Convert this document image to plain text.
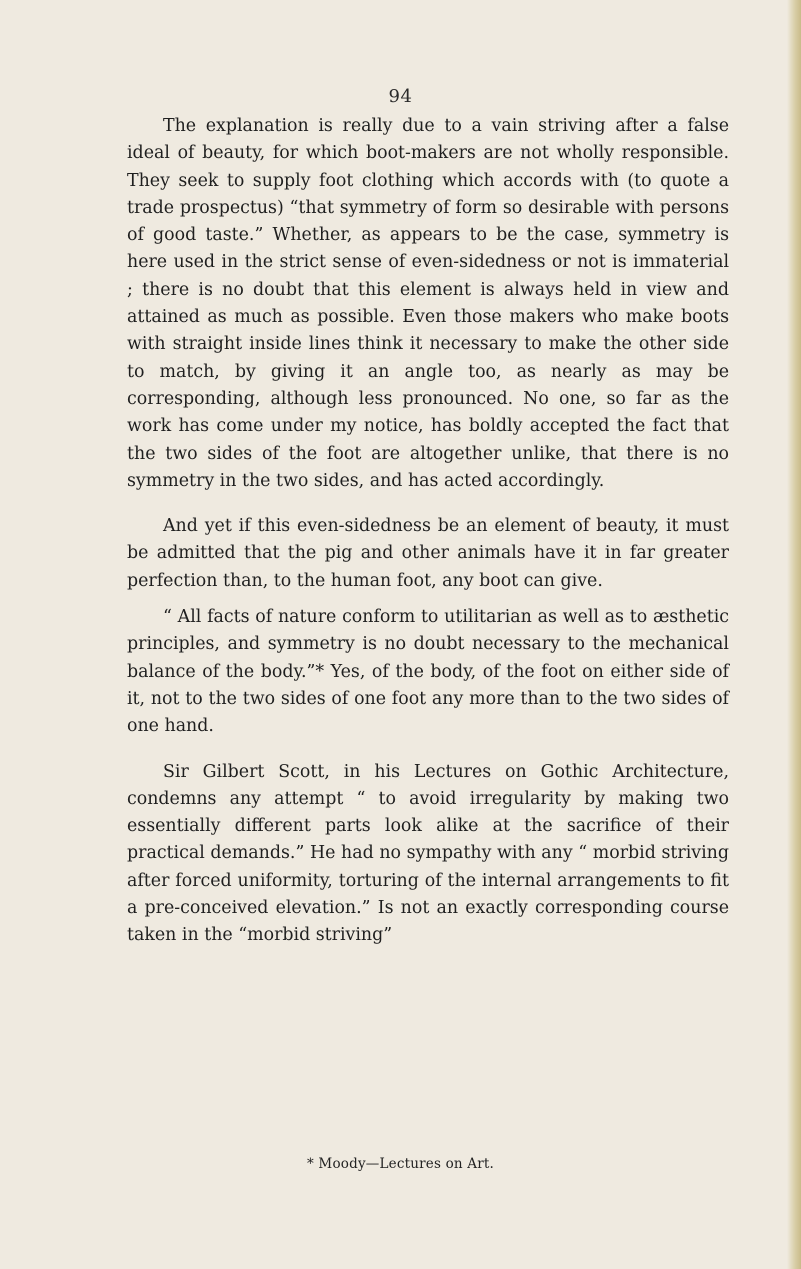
94

The explanation is really due to a vain striving after a false ideal of beauty, for which boot-makers are not wholly responsible. They seek to supply foot clothing which accords with (to quote a trade prospectus) “that symmetry of form so desirable with persons of good taste.” Whether, as appears to be the case, symmetry is here used in the strict sense of even-sidedness or not is immaterial ; there is no doubt that this element is always held in view and attained as much as possible. Even those makers who make boots with straight inside lines think it necessary to make the other side to match, by giving it an angle too, as nearly as may be corresponding, although less pronounced. No one, so far as the work has come under my notice, has boldly accepted the fact that the two sides of the foot are altogether unlike, that there is no symmetry in the two sides, and has acted accordingly.

And yet if this even-sidedness be an element of beauty, it must be admitted that the pig and other animals have it in far greater perfection than, to the human foot, any boot can give.

“ All facts of nature conform to utilitarian as well as to æsthetic principles, and symmetry is no doubt necessary to the mechanical balance of the body.”* Yes, of the body, of the foot on either side of it, not to the two sides of one foot any more than to the two sides of one hand.

Sir Gilbert Scott, in his Lectures on Gothic Architecture, condemns any attempt “ to avoid irregularity by making two essentially different parts look alike at the sacrifice of their practical demands.” He had no sympathy with any “ morbid striving after forced uniformity, torturing of the internal arrangements to fit a pre-conceived elevation.” Is not an exactly corresponding course taken in the “morbid striving”

* Moody—Lectures on Art.
